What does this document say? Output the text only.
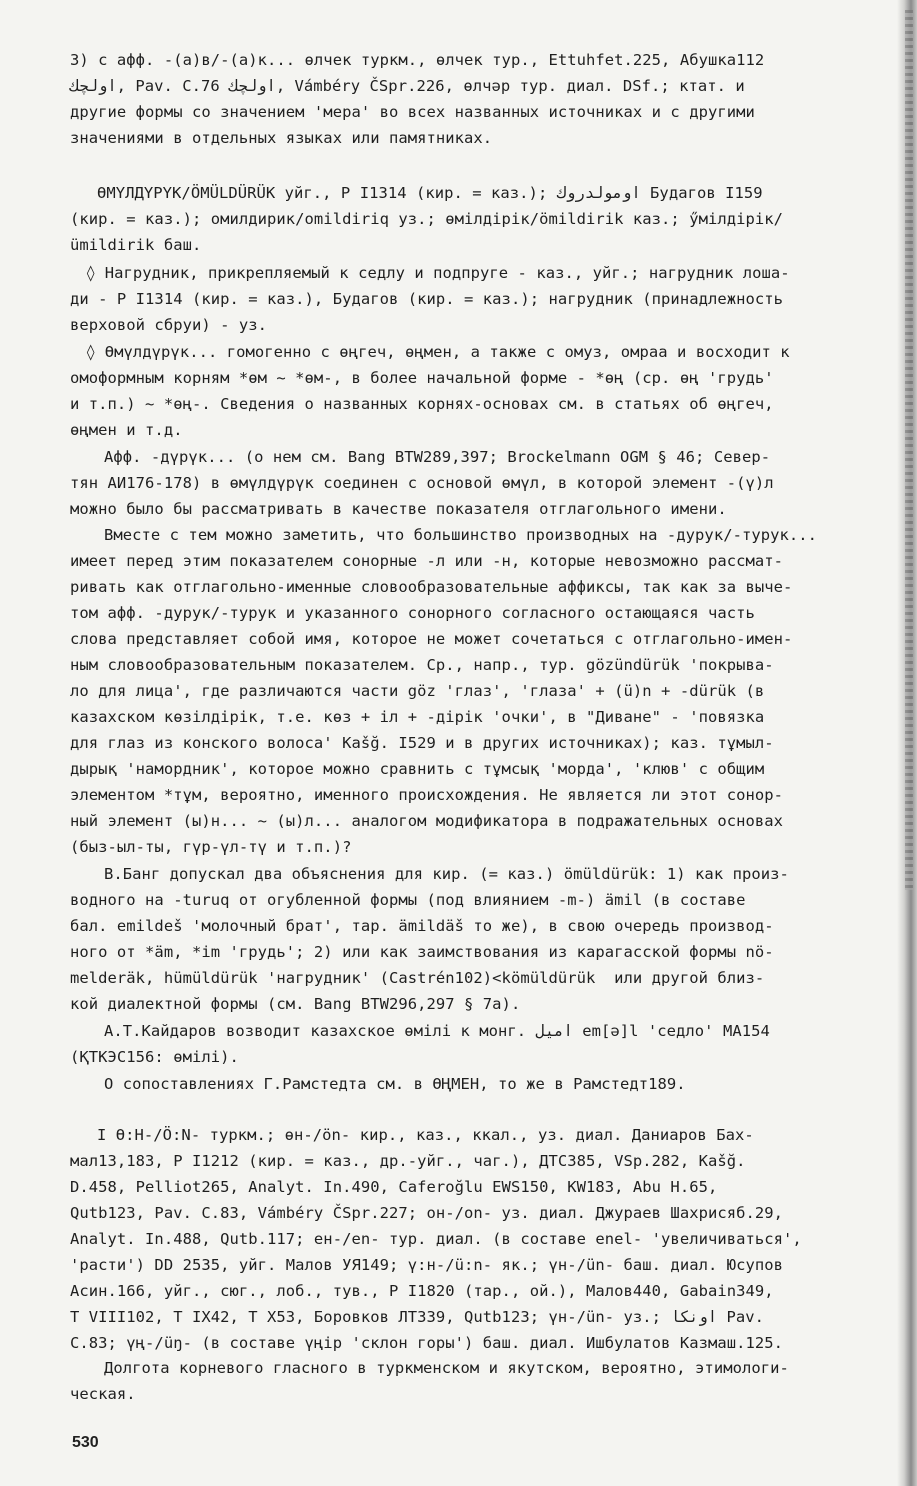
3) с афф. -(а)в/-(а)к... өлчек туркм., өлчек тур., Ettuhfet.225, Абушка112
اولچك, Pav. C.76 اولچك, Vámbéry ČSpr.226, өлчәр тур. диал. DSf.; ктат. и
другие формы со значением 'мера' во всех названных источниках и с другими
значениями в отдельных языках или памятниках.
ӨМҮЛДҮРҮК/ÖMÜLDÜRÜK уйг., Р I1314 (кир. = каз.); اومولدروك Будагов I159
(кир. = каз.); омилдирик/omildiriq уз.; өмілдірік/ömildirik каз.; ӳмілдірік/
ümildirik баш.
◊ Нагрудник, прикрепляемый к седлу и подпруге - каз., уйг.; нагрудник лоша-
ди - Р I1314 (кир. = каз.), Будагов (кир. = каз.); нагрудник (принадлежность
верховой сбруи) - уз.
◊ Өмүлдүрүк... гомогенно с өңгеч, өңмен, а также с омуз, омраа и восходит к
омоформным корням *өм ~ *өм-, в более начальной форме - *өң (ср. өң 'грудь'
и т.п.) ~ *өң-. Сведения о названных корнях-основах см. в статьях об өңгеч,
өңмен и т.д.
Афф. -дүрүк... (о нем см. Bang BTW289,397; Brockelmann OGM § 46; Север-
тян АИ176-178) в өмүлдүрүк соединен с основой өмүл, в которой элемент -(ү)л
можно было бы рассматривать в качестве показателя отглагольного имени.
Вместе с тем можно заметить, что большинство производных на -дурук/-турук...
имеет перед этим показателем сонорные -л или -н, которые невозможно рассмат-
ривать как отглагольно-именные словообразовательные аффиксы, так как за выче-
том афф. -дурук/-турук и указанного сонорного согласного остающаяся часть
слова представляет собой имя, которое не может сочетаться с отглагольно-имен-
ным словообразовательным показателем. Ср., напр., тур. gözündürük 'покрыва-
ло для лица', где различаются части göz 'глаз', 'глаза' + (ü)n + -dürük (в
казахском көзілдірік, т.е. көз + іл + -дірік 'очки', в "Диване" - 'повязка
для глаз из конского волоса' Kašğ. I529 и в других источниках); каз. тұмыл-
дырық 'намордник', которое можно сравнить с тұмсық 'морда', 'клюв' с общим
элементом *тұм, вероятно, именного происхождения. Не является ли этот сонор-
ный элемент (ы)н... ~ (ы)л... аналогом модификатора в подражательных основах
(быз-ыл-ты, гүр-үл-тү и т.п.)?
В.Банг допускал два объяснения для кир. (= каз.) ömüldürük: 1) как произ-
водного на -turuq от огубленной формы (под влиянием -m-) ämil (в составе
бал. emildeš 'молочный брат', тар. ämildäš то же), в свою очередь производ-
ного от *äm, *im 'грудь'; 2) или как заимствования из карагасской формы nö-
melderäk, hümüldürük 'нагрудник' (Castrén102)<kömüldürük  или другой близ-
кой диалектной формы (см. Bang BTW296,297 § 7а).
А.Т.Кайдаров возводит казахское өмілі к монг. اميل em[ə]l 'седло' МА154
(ҚТКЭС156: өмілі).
О сопоставлениях Г.Рамстедта см. в ӨҢМЕН, то же в Рамстедт189.
I Ө:Н-/Ö:N- туркм.; өн-/ön- кир., каз., ккал., уз. диал. Даниаров Бах-
мал13,183, Р I1212 (кир. = каз., др.-уйг., чаг.), ДТС385, VSp.282, Kašğ.
D.458, Pelliot265, Analyt. In.490, Caferoğlu EWS150, KW183, Abu H.65,
Qutb123, Pav. C.83, Vámbéry ČSpr.227; он-/on- уз. диал. Джураев Шахрисяб.29,
Analyt. In.488, Qutb.117; ен-/en- тур. диал. (в составе enel- 'увеличиваться',
'расти') DD 2535, уйг. Малов УЯ149; ү:н-/ü:n- як.; үн-/ün- баш. диал. Юсупов
Асин.166, уйг., сюг., лоб., тув., Р I1820 (тар., ой.), Малов440, Gabain349,
Т VIII102, Т IX42, Т X53, Боровков ЛТ339, Qutb123; үн-/ün- уз.; اونكا Pav.
C.83; үң-/üŋ- (в составе үңір 'склон горы') баш. диал. Ишбулатов Казмаш.125.
Долгота корневого гласного в туркменском и якутском, вероятно, этимологи-
ческая.
530
